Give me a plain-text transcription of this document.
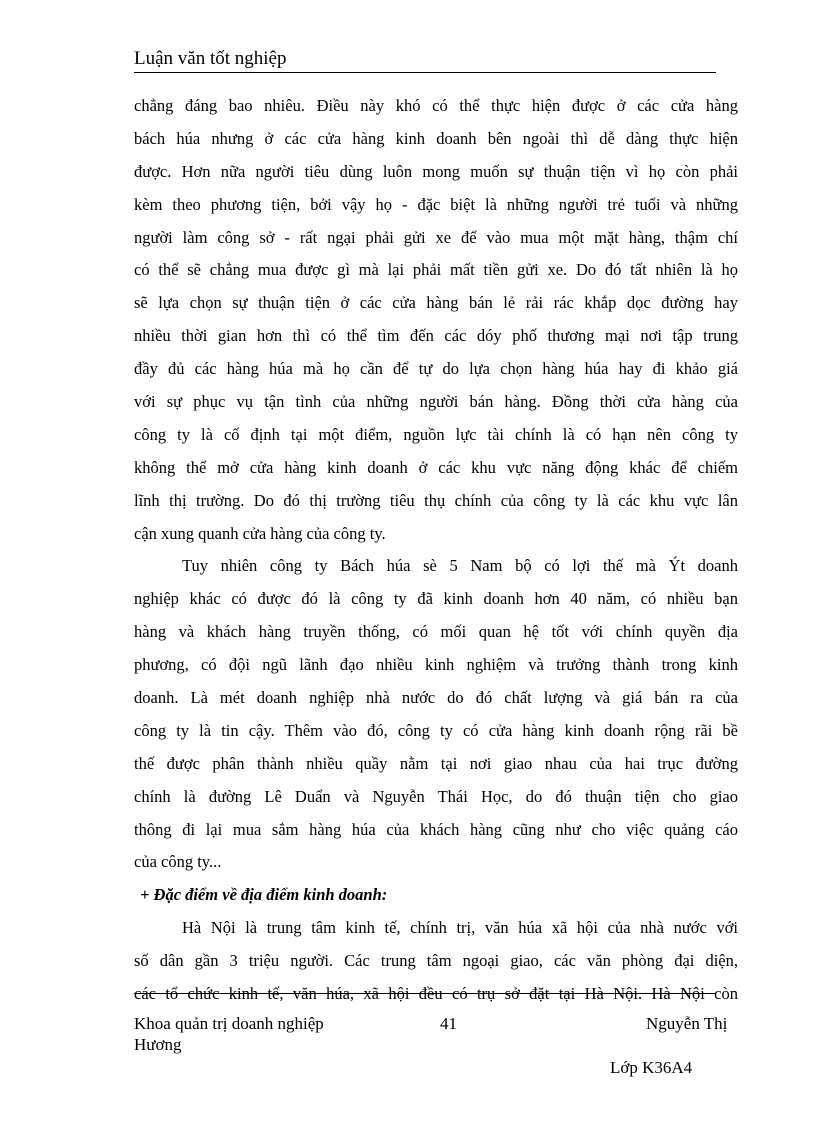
Luận văn tốt nghiệp
chẳng đáng bao nhiêu. Điều này khó có thể thực hiện được ở các cửa hàng
bách húa nhưng ở các cửa hàng kinh doanh bên ngoài thì dễ dàng thực hiện
được. Hơn nữa người tiêu dùng luôn mong muốn sự thuận tiện vì họ còn phải
kèm theo phương tiện, bởi vậy họ - đặc biệt là những người trẻ tuổi và những
người làm công sở - rất ngại phải gửi xe để vào mua một mặt hàng, thậm chí
có thể sẽ chẳng mua được gì mà lại phải mất tiền gửi xe. Do đó tất nhiên là họ
sẽ lựa chọn sự thuận tiện ở các cửa hàng bán lẻ rải rác khắp dọc đường hay
nhiều thời gian hơn thì có thể tìm đến các dóy phố thương mại nơi tập trung
đầy đủ các hàng húa mà họ cần để tự do lựa chọn hàng húa hay đi khảo giá
với sự phục vụ tận tình của những người bán hàng. Đồng thời cửa hàng của
công ty là cố định tại một điểm, nguồn lực tài chính là có hạn nên công ty
không thể mở cửa hàng kinh doanh ở các khu vực năng động khác để chiếm
lĩnh thị trường. Do đó thị trường tiêu thụ chính của công ty là các khu vực lân
cận xung quanh cửa hàng của công ty.
Tuy nhiên công ty Bách húa sè 5 Nam bộ có lợi thế mà Ýt doanh
nghiệp khác có được đó là công ty đã kinh doanh hơn 40 năm, có nhiều bạn
hàng và khách hàng truyền thống, có mối quan hệ tốt với chính quyền địa
phương, có đội ngũ lãnh đạo nhiều kinh nghiệm và trưởng thành trong kinh
doanh. Là mét doanh nghiệp nhà nước do đó chất lượng và giá bán ra của
công ty là tin cậy. Thêm vào đó, công ty có cửa hàng kinh doanh rộng rãi bề
thế được phân thành nhiều quầy nằm tại nơi giao nhau của hai trục đường
chính là đường Lê Duẩn và Nguyễn Thái Học, do đó thuận tiện cho giao
thông đi lại mua sắm hàng húa của khách hàng cũng như cho việc quảng cáo
của công ty...
+ Đặc điểm về địa điểm kinh doanh:
Hà Nội là trung tâm kinh tế, chính trị, văn húa xã hội của nhà nước với
số dân gần 3 triệu người. Các trung tâm ngoại giao, các văn phòng đại diện,
các tổ chức kinh tế, văn húa, xã hội đều có trụ sở đặt tại Hà Nội. Hà Nội còn
Khoa quản trị doanh nghiệp	41	Nguyễn Thị
Hương
Lớp K36A4
